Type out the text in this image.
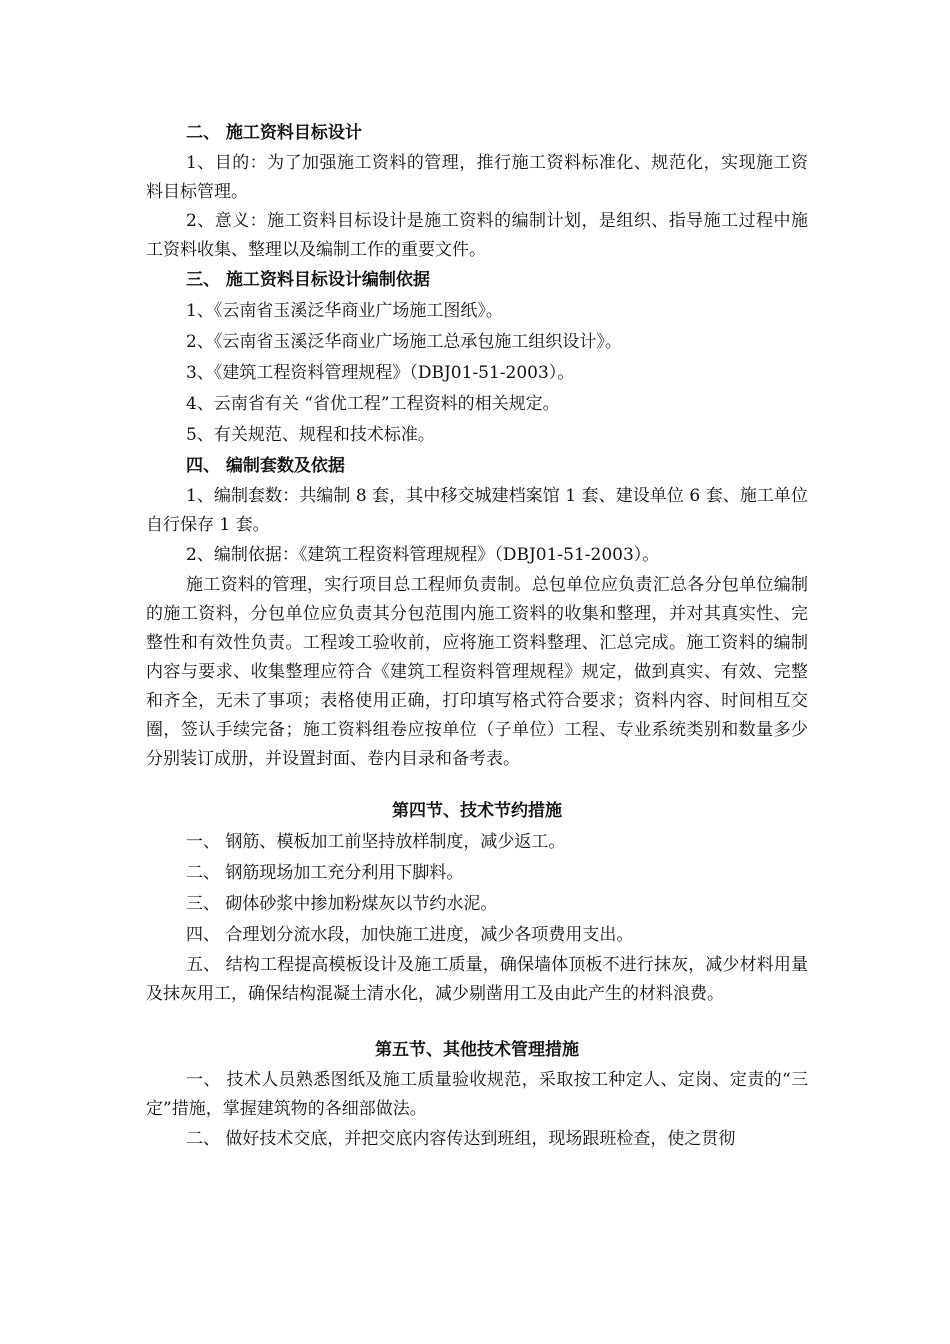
二、 施工资料目标设计

1、目的：为了加强施工资料的管理，推行施工资料标准化、规范化，实现施工资料目标管理。

2、意义：施工资料目标设计是施工资料的编制计划，是组织、指导施工过程中施工资料收集、整理以及编制工作的重要文件。

三、 施工资料目标设计编制依据

1、《云南省玉溪泛华商业广场施工图纸》。

2、《云南省玉溪泛华商业广场施工总承包施工组织设计》。

3、《建筑工程资料管理规程》（DBJ01-51-2003）。

4、云南省有关 “省优工程”工程资料的相关规定。

5、有关规范、规程和技术标准。

四、 编制套数及依据

1、编制套数：共编制 8 套，其中移交城建档案馆 1 套、建设单位 6 套、施工单位自行保存 1 套。

2、编制依据：《建筑工程资料管理规程》（DBJ01-51-2003）。

施工资料的管理，实行项目总工程师负责制。总包单位应负责汇总各分包单位编制的施工资料，分包单位应负责其分包范围内施工资料的收集和整理，并对其真实性、完整性和有效性负责。工程竣工验收前，应将施工资料整理、汇总完成。施工资料的编制内容与要求、收集整理应符合《建筑工程资料管理规程》规定，做到真实、有效、完整和齐全，无未了事项；表格使用正确，打印填写格式符合要求；资料内容、时间相互交圈，签认手续完备；施工资料组卷应按单位（子单位）工程、专业系统类别和数量多少分别装订成册，并设置封面、卷内目录和备考表。

第四节、技术节约措施

一、 钢筋、模板加工前坚持放样制度，减少返工。

二、 钢筋现场加工充分利用下脚料。

三、 砌体砂浆中掺加粉煤灰以节约水泥。

四、 合理划分流水段，加快施工进度，减少各项费用支出。

五、 结构工程提高模板设计及施工质量，确保墙体顶板不进行抹灰，减少材料用量及抹灰用工，确保结构混凝土清水化，减少剔凿用工及由此产生的材料浪费。

第五节、其他技术管理措施

一、 技术人员熟悉图纸及施工质量验收规范，采取按工种定人、定岗、定责的“三定”措施，掌握建筑物的各细部做法。

二、 做好技术交底，并把交底内容传达到班组，现场跟班检查，使之贯彻
